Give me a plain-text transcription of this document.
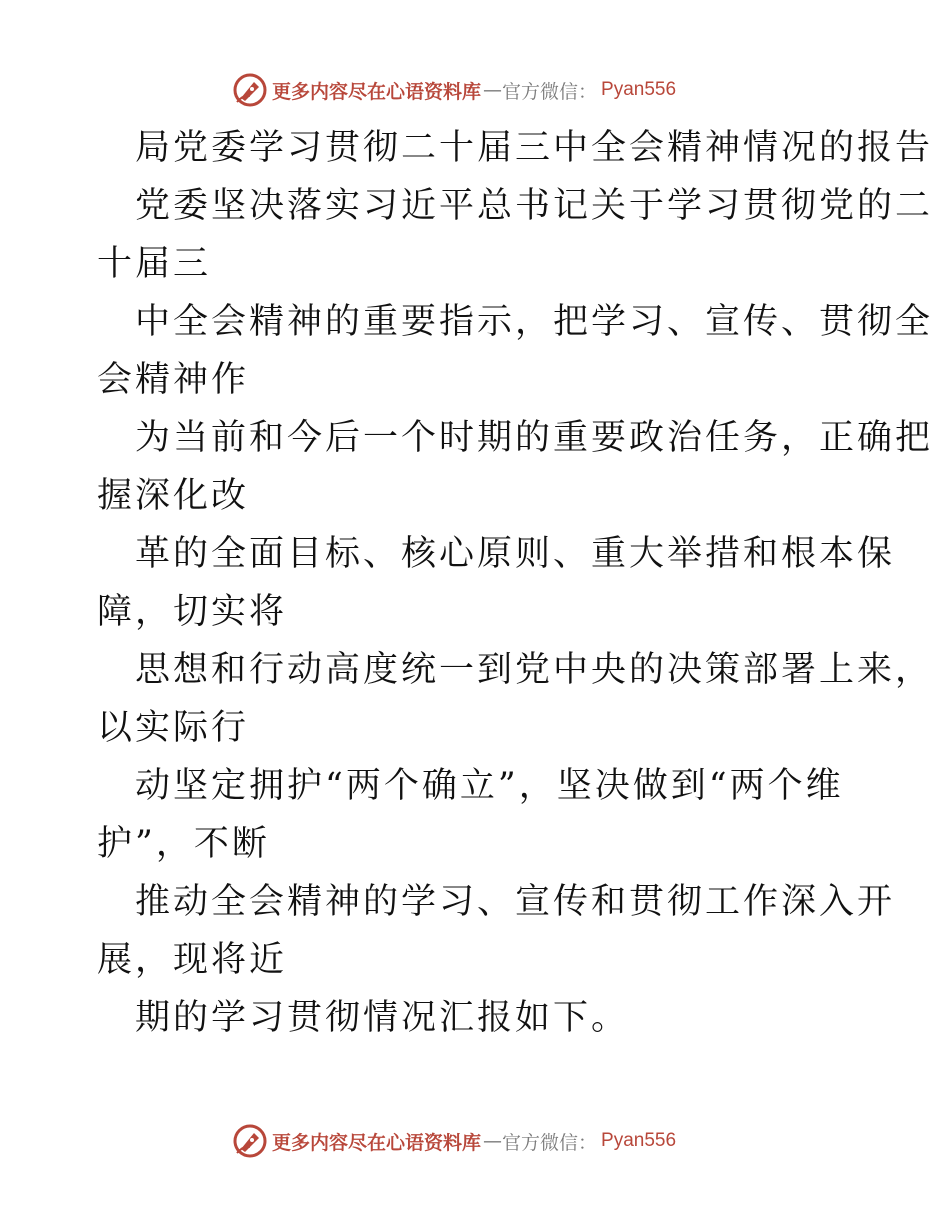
更多内容尽在心语资料库 — 官方微信： Pyan556
局党委学习贯彻二十届三中全会精神情况的报告
党委坚决落实习近平总书记关于学习贯彻党的二
十届三
中全会精神的重要指示，把学习、宣传、贯彻全
会精神作
为当前和今后一个时期的重要政治任务，正确把
握深化改
革的全面目标、核心原则、重大举措和根本保
障，切实将
思想和行动高度统一到党中央的决策部署上来，
以实际行
动坚定拥护“两个确立”，坚决做到“两个维
护”，不断
推动全会精神的学习、宣传和贯彻工作深入开
展，现将近
期的学习贯彻情况汇报如下。
更多内容尽在心语资料库 — 官方微信： Pyan556
